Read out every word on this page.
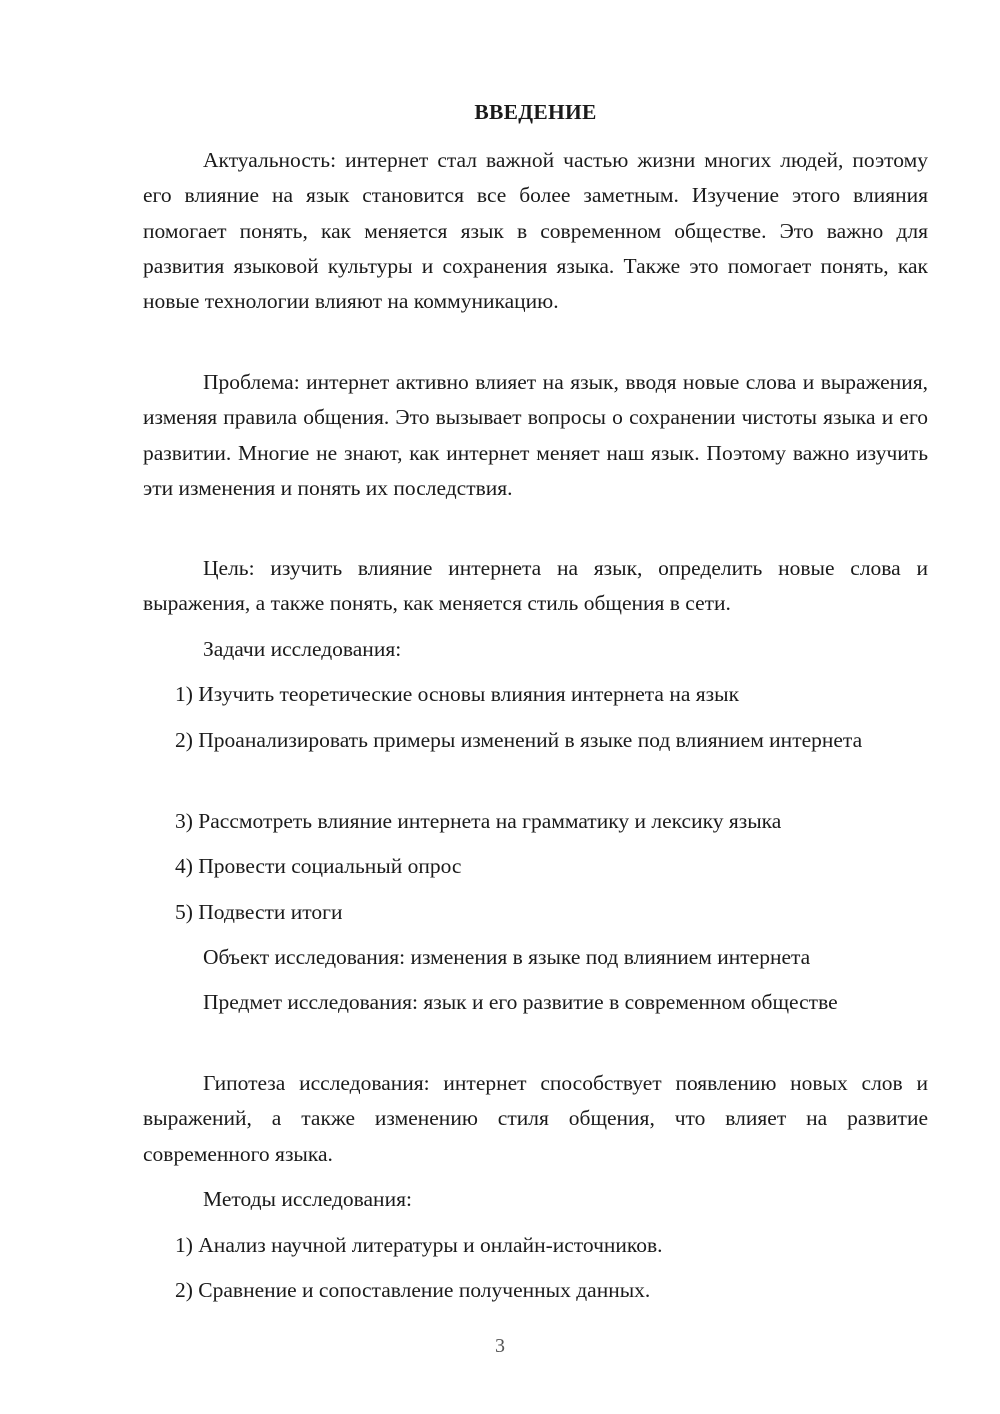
ВВЕДЕНИЕ

Актуальность: интернет стал важной частью жизни многих людей, поэтому его влияние на язык становится все более заметным. Изучение этого влияния помогает понять, как меняется язык в современном обществе. Это важно для развития языковой культуры и сохранения языка. Также это помогает понять, как новые технологии влияют на коммуникацию.

Проблема: интернет активно влияет на язык, вводя новые слова и выражения, изменяя правила общения. Это вызывает вопросы о сохранении чистоты языка и его развитии. Многие не знают, как интернет меняет наш язык. Поэтому важно изучить эти изменения и понять их последствия.

Цель: изучить влияние интернета на язык, определить новые слова и выражения, а также понять, как меняется стиль общения в сети.

Задачи исследования:

1) Изучить теоретические основы влияния интернета на язык

2) Проанализировать примеры изменений в языке под влиянием интернета

3) Рассмотреть влияние интернета на грамматику и лексику языка

4) Провести социальный опрос

5) Подвести итоги

Объект исследования: изменения в языке под влиянием интернета

Предмет исследования: язык и его развитие в современном обществе

Гипотеза исследования: интернет способствует появлению новых слов и выражений, а также изменению стиля общения, что влияет на развитие современного языка.

Методы исследования:

1) Анализ научной литературы и онлайн-источников.

2) Сравнение и сопоставление полученных данных.

3
